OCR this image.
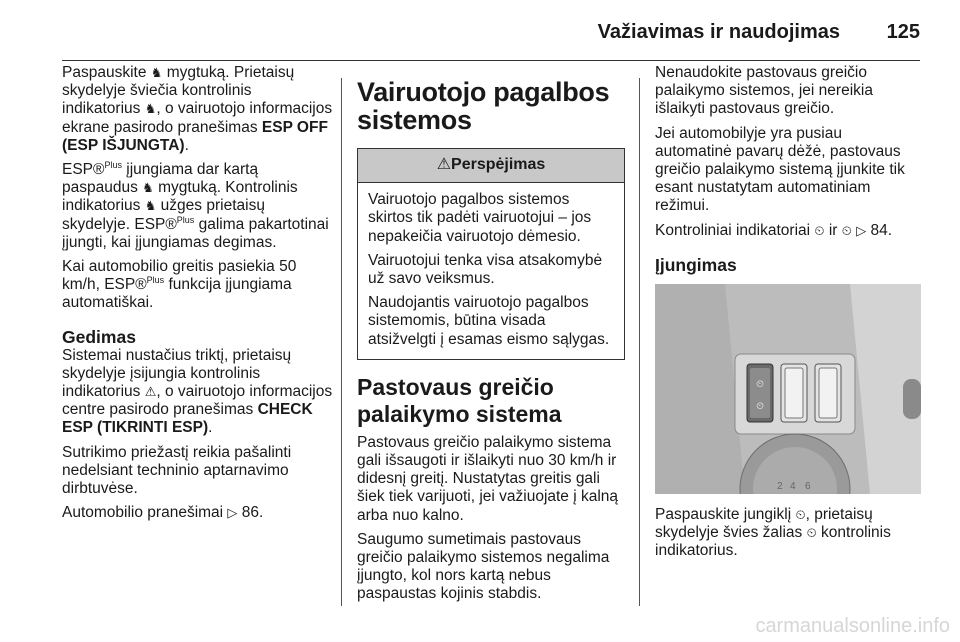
Važiavimas ir naudojimas 125

Paspauskite ♞ mygtuką. Prietaisų skydelyje šviečia kontrolinis indikatorius ♞, o vairuotojo informacijos ekrane pasirodo pranešimas ESP OFF (ESP IŠJUNGTA).

ESP®$^{Plus}$ įjungiama dar kartą paspaudus ♞ mygtuką. Kontrolinis indikatorius ♞ užges prietaisų skydelyje. ESP®$^{Plus}$ galima pakartotinai įjungti, kai įjungiamas degimas.

Kai automobilio greitis pasiekia 50 km/h, ESP®$^{Plus}$ funkcija įjungiama automatiškai.

Gedimas

Sistemai nustačius triktį, prietaisų skydelyje įsijungia kontrolinis indikatorius ⚠, o vairuotojo informacijos centre pasirodo pranešimas CHECK ESP (TIKRINTI ESP).

Sutrikimo priežastį reikia pašalinti nedelsiant techninio aptarnavimo dirbtuvėse.

Automobilio pranešimai ▷ 86.

Vairuotojo pagalbos sistemos
⚠Perspėjimas

Vairuotojo pagalbos sistemos skirtos tik padėti vairuotojui – jos nepakeičia vairuotojo dėmesio.

Vairuotojui tenka visa atsakomybė už savo veiksmus.

Naudojantis vairuotojo pagalbos sistemomis, būtina visada atsižvelgti į esamas eismo sąlygas.

Pastovaus greičio palaikymo sistema

Pastovaus greičio palaikymo sistema gali išsaugoti ir išlaikyti nuo 30 km/h ir didesnį greitį. Nustatytas greitis gali šiek tiek varijuoti, jei važiuojate į kalną arba nuo kalno.

Saugumo sumetimais pastovaus greičio palaikymo sistemos negalima įjungto, kol nors kartą nebus paspaustas kojinis stabdis.

Nenaudokite pastovaus greičio palaikymo sistemos, jei nereikia išlaikyti pastovaus greičio.

Jei automobilyje yra pusiau automatinė pavarų dėžė, pastovaus greičio palaikymo sistemą įjunkite tik esant nustatytam automatiniam režimui.

Kontroliniai indikatoriai ⏲ ir ⏲ ▷ 84.

Įjungimas
⏲
⏲
2 4 6

Paspauskite jungiklį ⏲, prietaisų skydelyje švies žalias ⏲ kontrolinis indikatorius.

carmanualsonline.info
